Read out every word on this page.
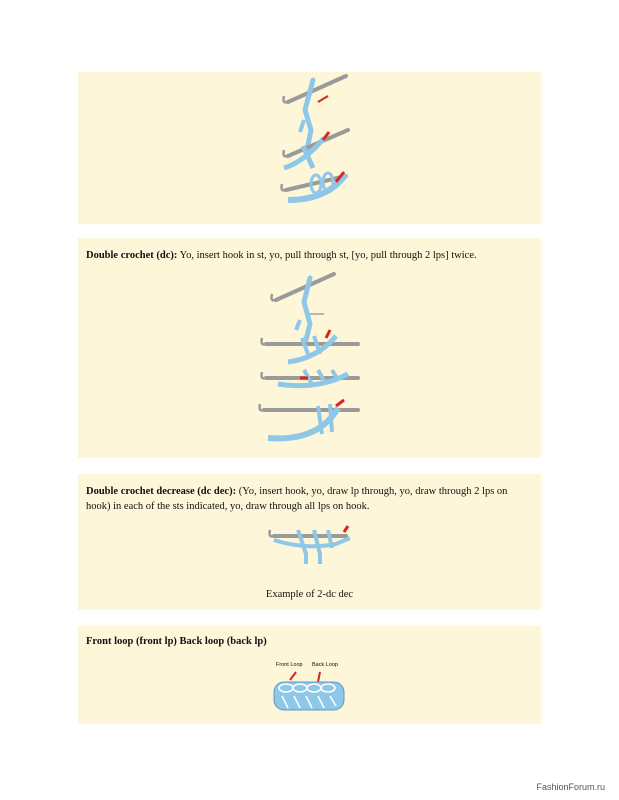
Double crochet (dc): Yo, insert hook in st, yo, pull through st, [yo, pull through 2 lps] twice.
Double crochet decrease (dc dec): (Yo, insert hook, yo, draw lp through, yo, draw through 2 lps on hook) in each of the sts indicated, yo, draw through all lps on hook.
Example of 2-dc dec
Front loop (front lp) Back loop (back lp)
Front Loop Back Loop
FashionForum.ru
